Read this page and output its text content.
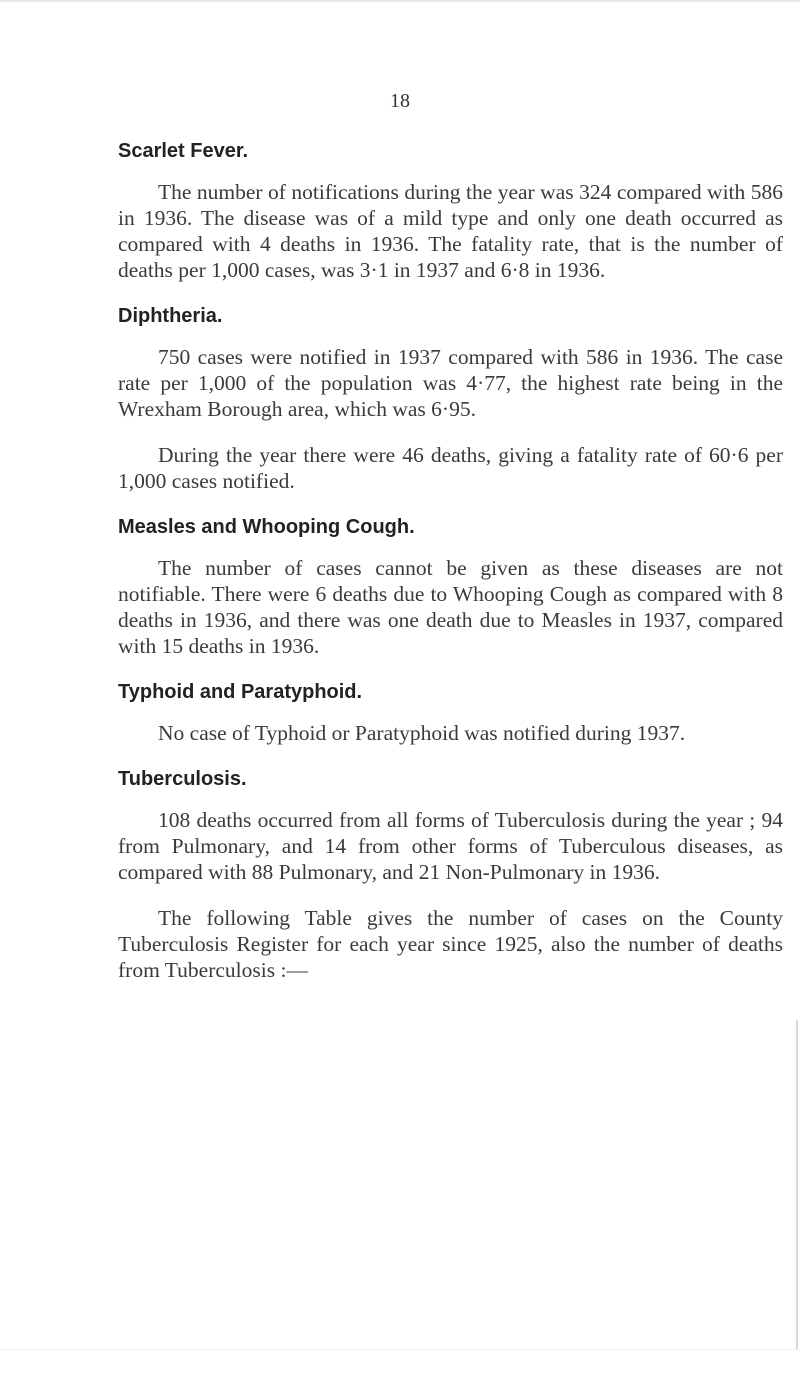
18
Scarlet Fever.

The number of notifications during the year was 324 compared with 586 in 1936. The disease was of a mild type and only one death occurred as compared with 4 deaths in 1936. The fatality rate, that is the number of deaths per 1,000 cases, was 3·1 in 1937 and 6·8 in 1936.

Diphtheria.

750 cases were notified in 1937 compared with 586 in 1936. The case rate per 1,000 of the population was 4·77, the highest rate being in the Wrexham Borough area, which was 6·95.

During the year there were 46 deaths, giving a fatality rate of 60·6 per 1,000 cases notified.

Measles and Whooping Cough.

The number of cases cannot be given as these diseases are not notifiable. There were 6 deaths due to Whooping Cough as compared with 8 deaths in 1936, and there was one death due to Measles in 1937, compared with 15 deaths in 1936.

Typhoid and Paratyphoid.

No case of Typhoid or Paratyphoid was notified during 1937.

Tuberculosis.

108 deaths occurred from all forms of Tuberculosis during the year ; 94 from Pulmonary, and 14 from other forms of Tuberculous diseases, as compared with 88 Pulmonary, and 21 Non-Pulmonary in 1936.

The following Table gives the number of cases on the County Tuberculosis Register for each year since 1925, also the number of deaths from Tuberculosis :—
